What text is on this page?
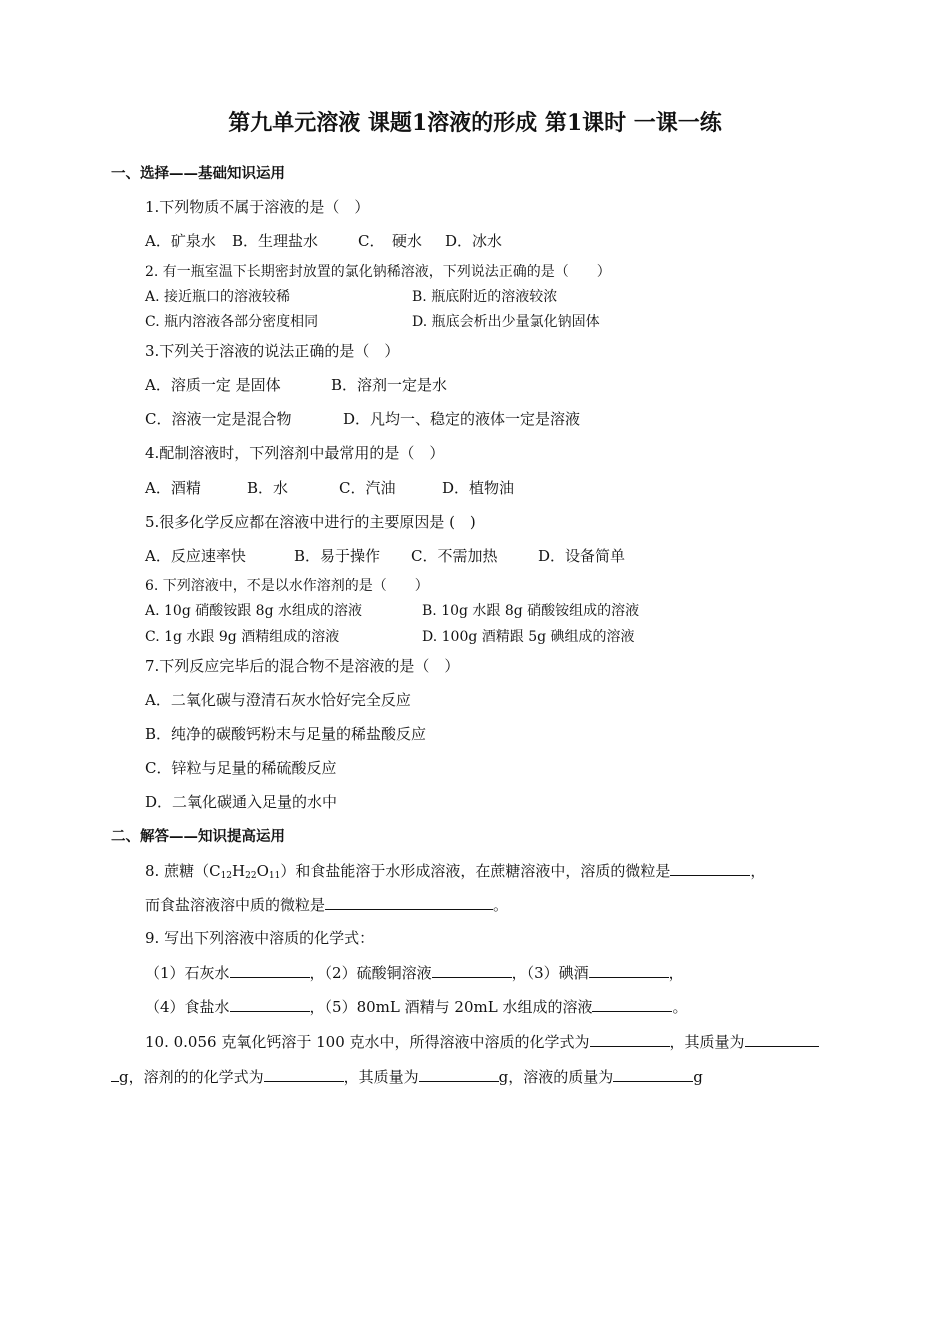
第九单元溶液 课题1溶液的形成 第1课时 一课一练
一、选择——基础知识运用
1.下列物质不属于溶液的是（　）
A．矿泉水 B．生理盐水	C．　硬水 D．冰水
2. 有一瓶室温下长期密封放置的氯化钠稀溶液，下列说法正确的是（　　）
A. 接近瓶口的溶液较稀	B. 瓶底附近的溶液较浓
C. 瓶内溶液各部分密度相同	D. 瓶底会析出少量氯化钠固体
3.下列关于溶液的说法正确的是（　）
A．溶质一定 是固体	B．溶剂一定是水
C．溶液一定是混合物	D．凡均一、稳定的液体一定是溶液
4.配制溶液时，下列溶剂中最常用的是（　）
A．酒精	B．水	C．汽油	D．植物油
5.很多化学反应都在溶液中进行的主要原因是 (　)
A．反应速率快	B．易于操作 C．不需加热	D．设备简单
6. 下列溶液中，不是以水作溶剂的是（　　）
A. 10g 硝酸铵跟 8g 水组成的溶液	B. 10g 水跟 8g 硝酸铵组成的溶液
C. 1g 水跟 9g 酒精组成的溶液	D. 100g 酒精跟 5g 碘组成的溶液
7.下列反应完毕后的混合物不是溶液的是（　）
A．二氧化碳与澄清石灰水恰好完全反应
B．纯净的碳酸钙粉末与足量的稀盐酸反应
C．锌粒与足量的稀硫酸反应
D．二氧化碳通入足量的水中
二、解答——知识提高运用
8. 蔗糖$(C_{12}H_{22}O_{11})$和食盐能溶于水形成溶液，在蔗糖溶液中，溶质的微粒是	，
而食盐溶液溶中质的微粒是	。
9. 写出下列溶液中溶质的化学式：
（1）石灰水	，（2）硫酸铜溶液	，（3）碘酒	，
（4）食盐水	，（5）80mL 酒精与 20mL 水组成的溶液	。
10. 0.056 克氧化钙溶于 100 克水中，所得溶液中溶质的化学式为	，其质量为
g，溶剂的的化学式为	，其质量为	g，溶液的质量为	g
